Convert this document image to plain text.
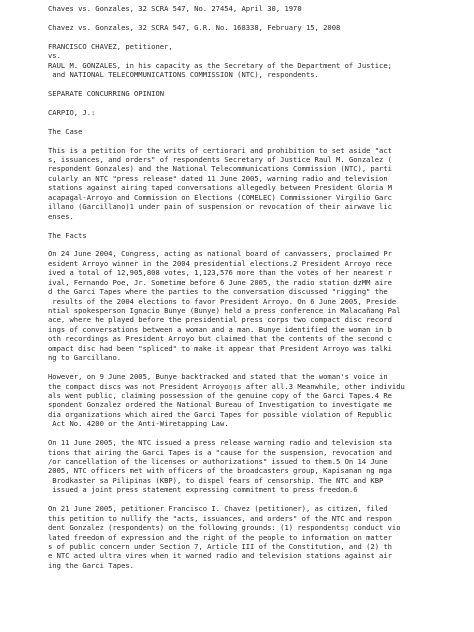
Chaves vs. Gonzales, 32 SCRA 547, No. 27454, April 30, 1970
Chavez vs. Gonzales, 32 SCRA 547, G.R. No. 168338, February 15, 2008
FRANCISCO CHAVEZ, petitioner,
vs.
RAUL M. GONZALES, in his capacity as the Secretary of the Department of Justice;
and NATIONAL TELECOMMUNICATIONS COMMISSION (NTC), respondents.
SEPARATE CONCURRING OPINION
CARPIO, J.:
The Case
This is a petition for the writs of certiorari and prohibition to set aside "act
s, issuances, and orders" of respondents Secretary of Justice Raul M. Gonzalez (
respondent Gonzales) and the National Telecommunications Commission (NTC), parti
cularly an NTC "press release" dated 11 June 2005, warning radio and television
stations against airing taped conversations allegedly between President Gloria M
acapagal-Arroyo and Commission on Elections (COMELEC) Commissioner Virgilio Garc
illano (Garcillano)1 under pain of suspension or revocation of their airwave lic
enses.
The Facts
On 24 June 2004, Congress, acting as national board of canvassers, proclaimed Pr
esident Arroyo winner in the 2004 presidential elections.2 President Arroyo rece
ived a total of 12,905,808 votes, 1,123,576 more than the votes of her nearest r
ival, Fernando Poe, Jr. Sometime before 6 June 2005, the radio station dzMM aire
d the Garci Tapes where the parties to the conversation discussed "rigging" the
results of the 2004 elections to favor President Arroyo. On 6 June 2005, Preside
ntial spokesperson Ignacio Bunye (Bunye) held a press conference in Malacañang Pal
ace, where he played before the presidential press corps two compact disc record
ings of conversations between a woman and a man. Bunye identified the woman in b
oth recordings as President Arroyo but claimed that the contents of the second c
ompact disc had been "spliced" to make it appear that President Arroyo was talki
ng to Garcillano.
However, on 9 June 2005, Bunye backtracked and stated that the woman's voice in
the compact discs was not President Arroyo▯▯s after all.3 Meanwhile, other individu
als went public, claiming possession of the genuine copy of the Garci Tapes.4 Re
spondent Gonzalez ordered the National Bureau of Investigation to investigate me
dia organizations which aired the Garci Tapes for possible violation of Republic
Act No. 4200 or the Anti-Wiretapping Law.
On 11 June 2005, the NTC issued a press release warning radio and television sta
tions that airing the Garci Tapes is a "cause for the suspension, revocation and
/or cancellation of the licenses or authorizations" issued to them.5 On 14 June
2005, NTC officers met with officers of the broadcasters group, Kapisanan ng mga
Brodkaster sa Pilipinas (KBP), to dispel fears of censorship. The NTC and KBP
issued a joint press statement expressing commitment to press freedom.6
On 21 June 2005, petitioner Francisco I. Chavez (petitioner), as citizen, filed
this petition to nullify the "acts, issuances, and orders" of the NTC and respon
dent Gonzalez (respondents) on the following grounds: (1) respondents▯ conduct vio
lated freedom of expression and the right of the people to information on matter
s of public concern under Section 7, Article III of the Constitution, and (2) th
e NTC acted ultra vires when it warned radio and television stations against air
ing the Garci Tapes.
